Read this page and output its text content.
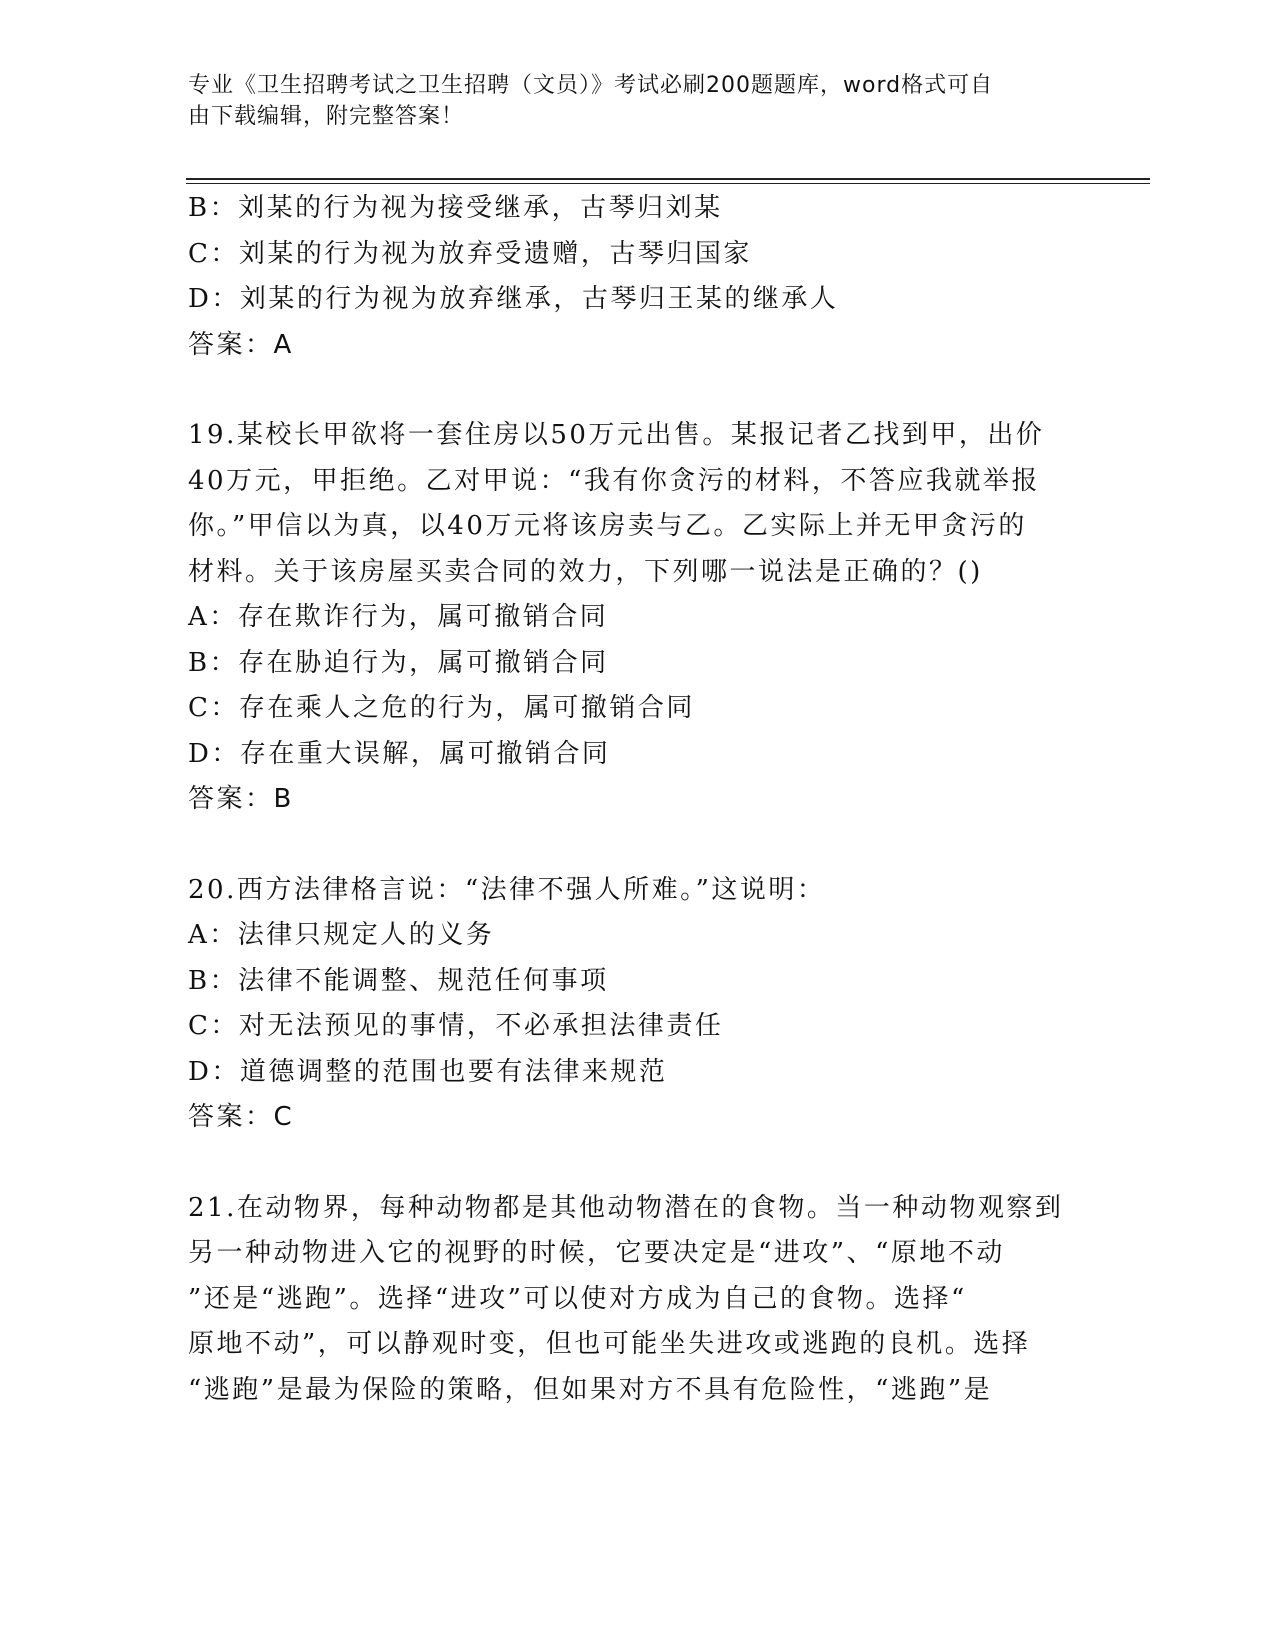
专业《卫生招聘考试之卫生招聘（文员）》考试必刷200题题库，word格式可自
由下载编辑，附完整答案！
B：刘某的行为视为接受继承，古琴归刘某
C：刘某的行为视为放弃受遗赠，古琴归国家
D：刘某的行为视为放弃继承，古琴归王某的继承人
答案：A
19.某校长甲欲将一套住房以50万元出售。某报记者乙找到甲，出价
40万元，甲拒绝。乙对甲说：“我有你贪污的材料，不答应我就举报
你。”甲信以为真，以40万元将该房卖与乙。乙实际上并无甲贪污的
材料。关于该房屋买卖合同的效力，下列哪一说法是正确的？()
A：存在欺诈行为，属可撤销合同
B：存在胁迫行为，属可撤销合同
C：存在乘人之危的行为，属可撤销合同
D：存在重大误解，属可撤销合同
答案：B
20.西方法律格言说：“法律不强人所难。”这说明：
A：法律只规定人的义务
B：法律不能调整、规范任何事项
C：对无法预见的事情，不必承担法律责任
D：道德调整的范围也要有法律来规范
答案：C
21.在动物界，每种动物都是其他动物潜在的食物。当一种动物观察到
另一种动物进入它的视野的时候，它要决定是“进攻”、“原地不动
”还是“逃跑”。选择“进攻”可以使对方成为自己的食物。选择“
原地不动”，可以静观时变，但也可能坐失进攻或逃跑的良机。选择
“逃跑”是最为保险的策略，但如果对方不具有危险性，“逃跑”是
